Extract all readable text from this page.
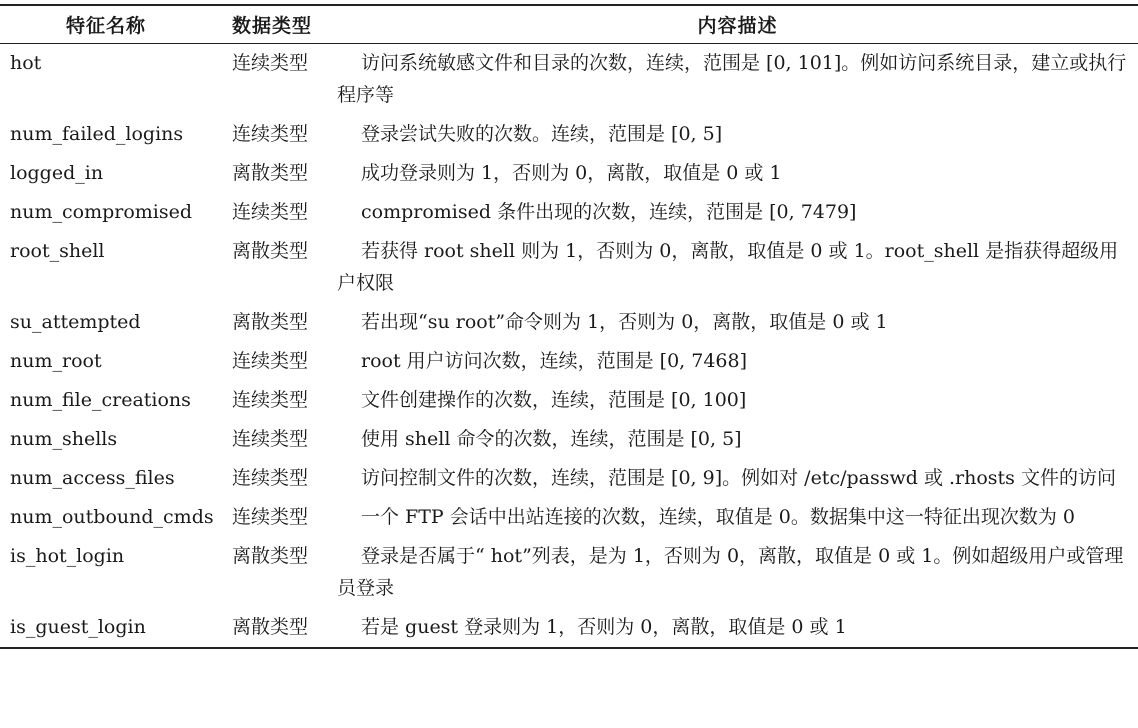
特征名称	数据类型	内容描述
hot	连续类型	访问系统敏感文件和目录的次数，连续，范围是 [0, 101]。例如访问系统目录，建立或执行程序等
num_failed_logins	连续类型	登录尝试失败的次数。连续，范围是 [0, 5]
logged_in	离散类型	成功登录则为 1，否则为 0，离散，取值是 0 或 1
num_compromised	连续类型	compromised 条件出现的次数，连续，范围是 [0, 7479]
root_shell	离散类型	若获得 root shell 则为 1，否则为 0，离散，取值是 0 或 1。root_shell 是指获得超级用户权限
su_attempted	离散类型	若出现“su root”命令则为 1，否则为 0，离散，取值是 0 或 1
num_root	连续类型	root 用户访问次数，连续，范围是 [0, 7468]
num_file_creations	连续类型	文件创建操作的次数，连续，范围是 [0, 100]
num_shells	连续类型	使用 shell 命令的次数，连续，范围是 [0, 5]
num_access_files	连续类型	访问控制文件的次数，连续，范围是 [0, 9]。例如对 /etc/passwd 或 .rhosts 文件的访问
num_outbound_cmds	连续类型	一个 FTP 会话中出站连接的次数，连续，取值是 0。数据集中这一特征出现次数为 0
is_hot_login	离散类型	登录是否属于“ hot”列表，是为 1，否则为 0，离散，取值是 0 或 1。例如超级用户或管理员登录
is_guest_login	离散类型	若是 guest 登录则为 1，否则为 0，离散，取值是 0 或 1
